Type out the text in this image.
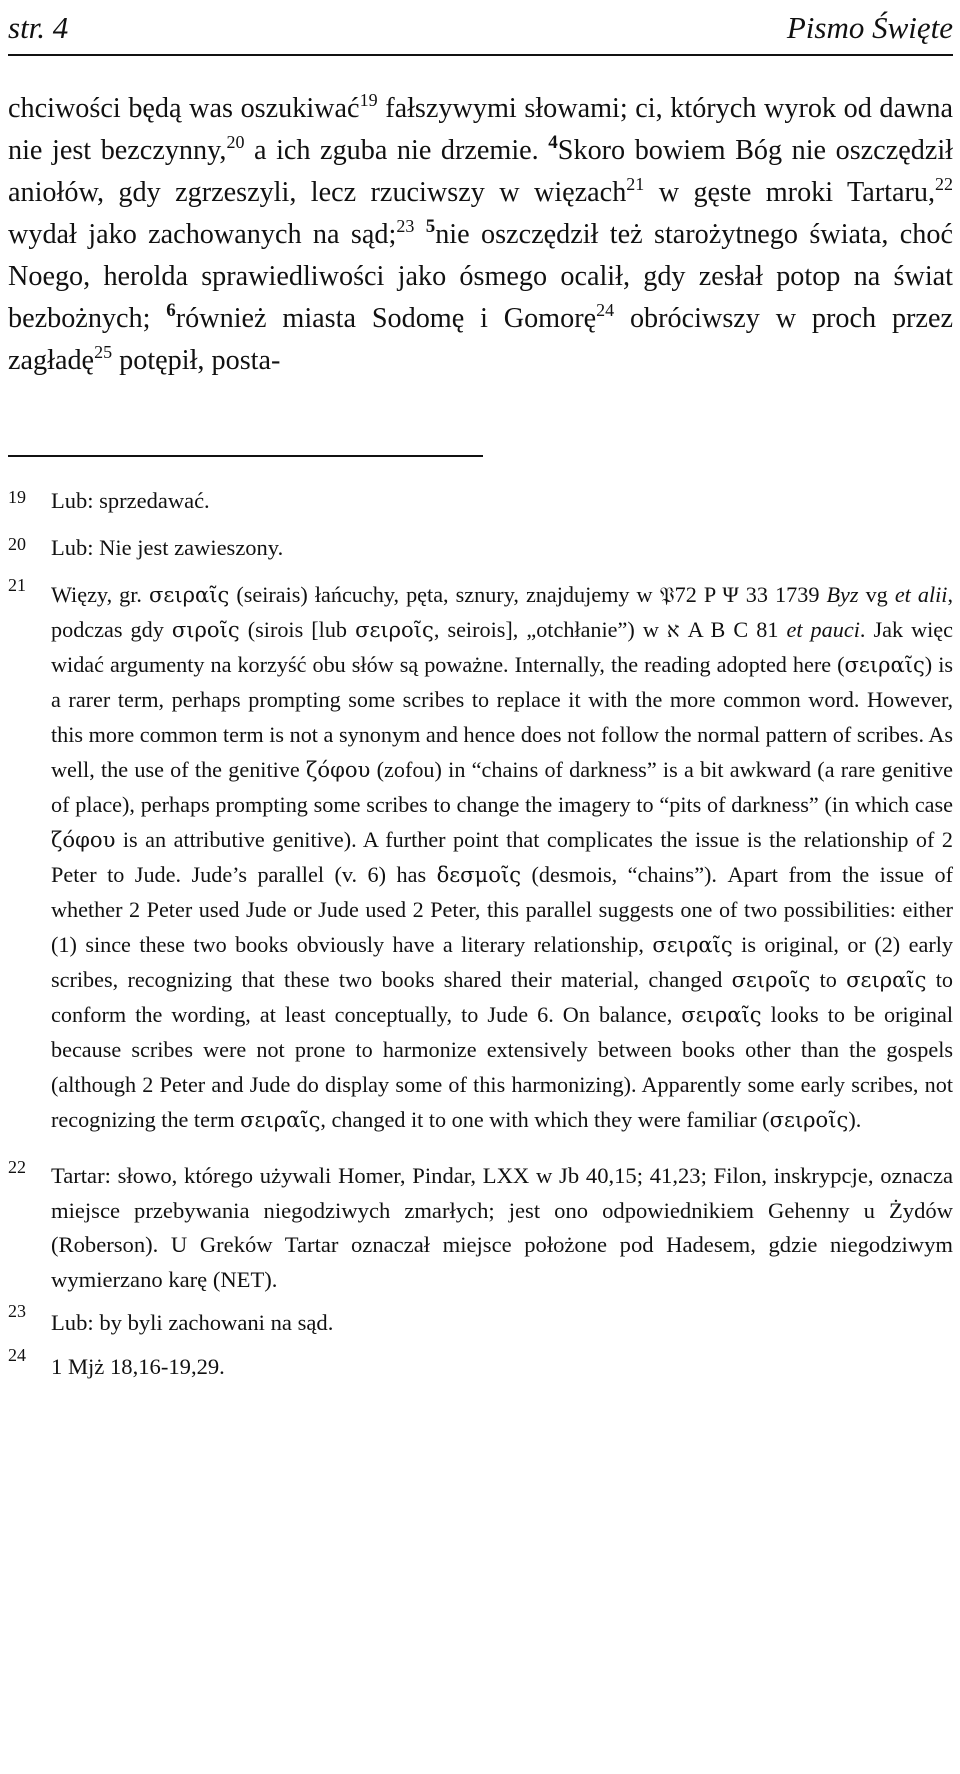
str. 4	Pismo Święte
chciwości będą was oszukiwać$^{19}$ fałszywymi słowami; ci, których wyrok od dawna nie jest bezczynny,$^{20}$ a ich zguba nie drzemie. $^4$Skoro bowiem Bóg nie oszczędził aniołów, gdy zgrzeszyli, lecz rzuciwszy w więzach$^{21}$ w gęste mroki Tartaru,$^{22}$ wydał jako zachowanych na sąd;$^{23}$ $^5$nie oszczędził też starożytnego świata, choć Noego, herolda sprawiedliwości jako ósmego ocalił, gdy zesłał potop na świat bezbożnych; $^6$również miasta Sodomę i Gomorę$^{24}$ obróciwszy w proch przez zagładę$^{25}$ potępił, posta-
19	Lub: sprzedawać.
20	Lub: Nie jest zawieszony.
21	Więzy, gr. σειραῖς (seirais) łańcuchy, pęta, sznury, znajdujemy w 𝔓72 P Ψ 33 1739 Byz vg et alii, podczas gdy σιροῖς (sirois [lub σειροῖς, seirois], „otchłanie”) w א A B C 81 et pauci. Jak więc widać argumenty na korzyść obu słów są poważne. Internally, the reading adopted here (σειραῖς) is a rarer term, perhaps prompting some scribes to replace it with the more common word. However, this more common term is not a synonym and hence does not follow the normal pattern of scribes. As well, the use of the genitive ζόφου (zofou) in “chains of darkness” is a bit awkward (a rare genitive of place), perhaps prompting some scribes to change the imagery to “pits of darkness” (in which case ζόφου is an attributive genitive). A further point that complicates the issue is the relationship of 2 Peter to Jude. Jude’s parallel (v. 6) has δεσμοῖς (desmois, “chains”). Apart from the issue of whether 2 Peter used Jude or Jude used 2 Peter, this parallel suggests one of two possibilities: either (1) since these two books obviously have a literary relationship, σειραῖς is original, or (2) early scribes, recognizing that these two books shared their material, changed σειροῖς to σειραῖς to conform the wording, at least conceptually, to Jude 6. On balance, σειραῖς looks to be original because scribes were not prone to harmonize extensively between books other than the gospels (although 2 Peter and Jude do display some of this harmonizing). Apparently some early scribes, not recognizing the term σειραῖς, changed it to one with which they were familiar (σειροῖς).
22	Tartar: słowo, którego używali Homer, Pindar, LXX w Jb 40,15; 41,23; Filon, inskrypcje, oznacza miejsce przebywania niegodziwych zmarłych; jest ono odpowiednikiem Gehenny u Żydów (Roberson). U Greków Tartar oznaczał miejsce położone pod Hadesem, gdzie niegodziwym wymierzano karę (NET).
23	Lub: by byli zachowani na sąd.
24	1 Mjż 18,16-19,29.
